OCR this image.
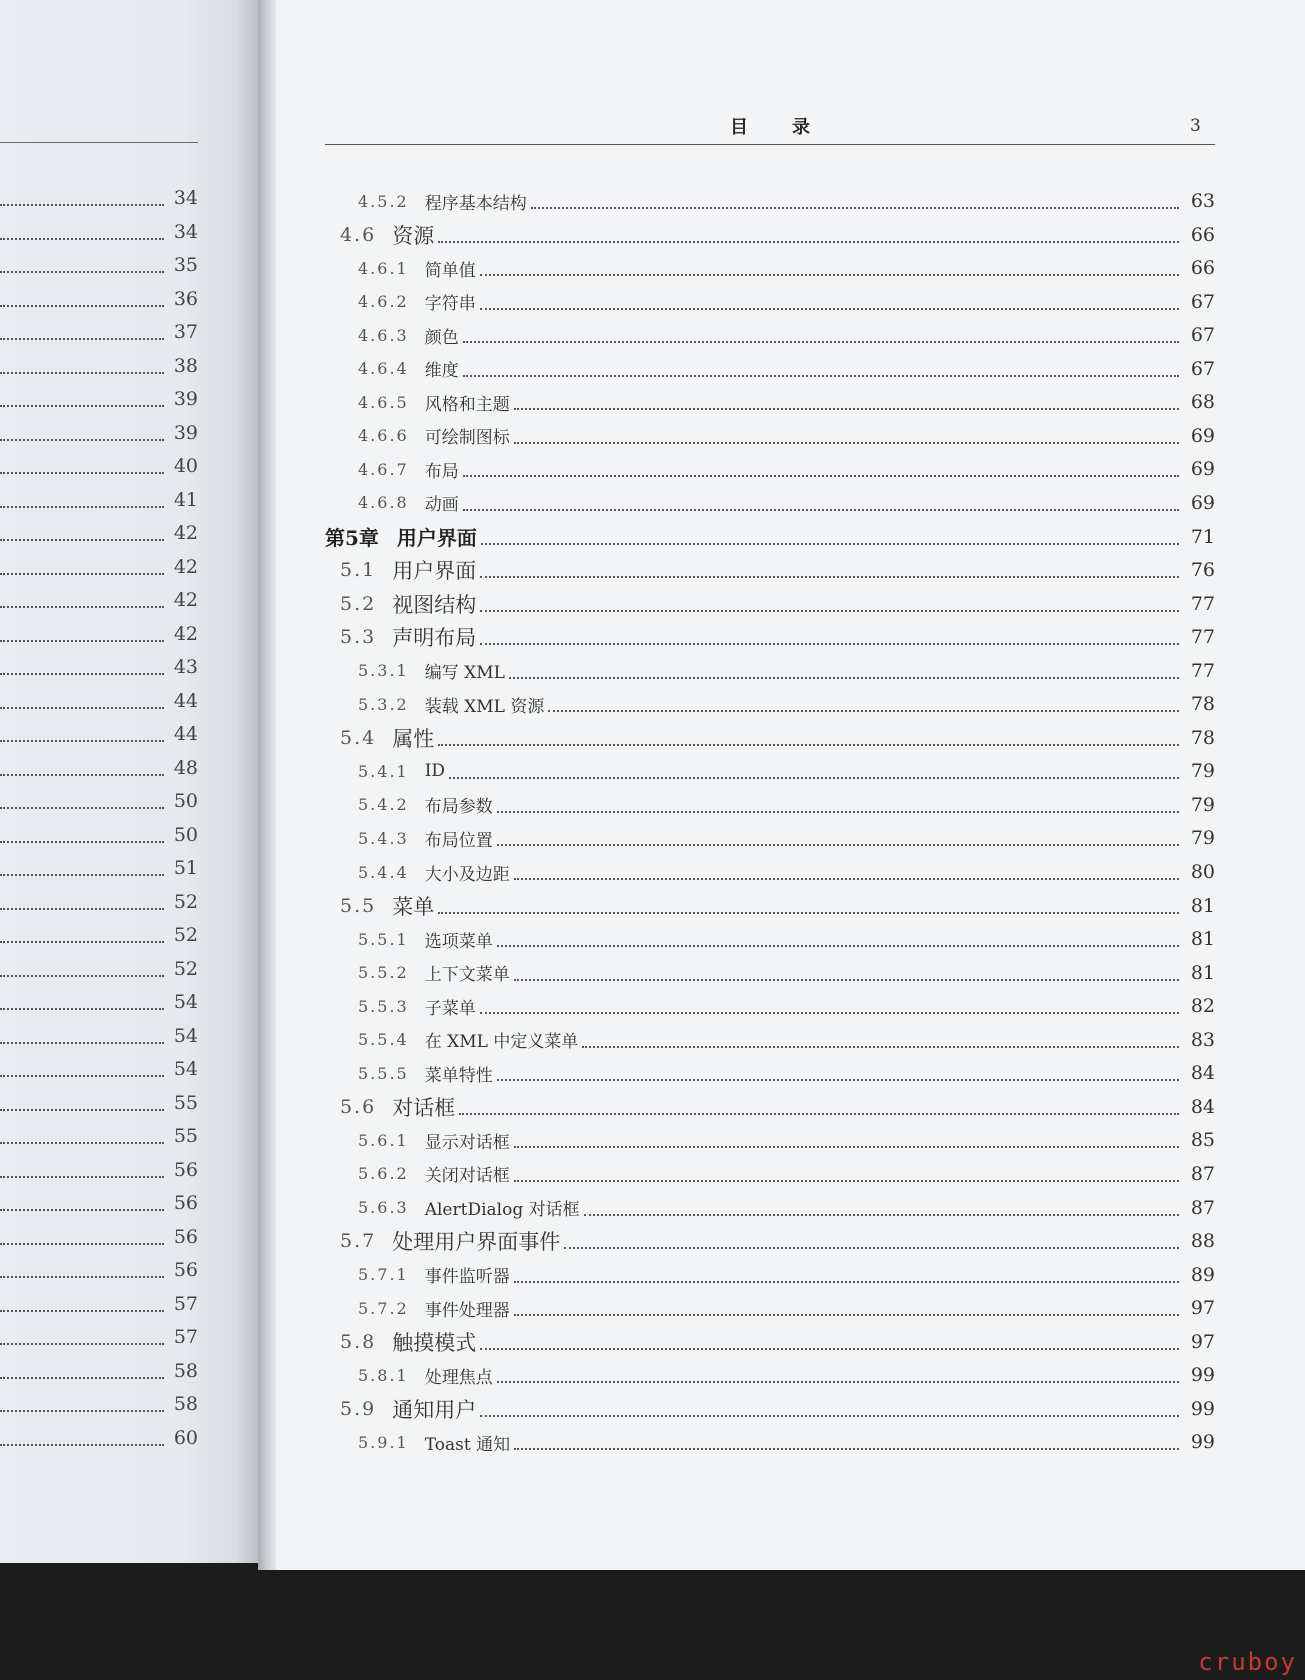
34
34
35
36
37
38
39
39
40
41
42
42
42
42
43
44
44
48
50
50
51
52
52
52
54
54
54
55
55
56
56
56
56
57
57
58
58
60
目录	3
4.5.2 程序基本结构	63
4.6 资源	66
4.6.1 简单值	66
4.6.2 字符串	67
4.6.3 颜色	67
4.6.4 维度	67
4.6.5 风格和主题	68
4.6.6 可绘制图标	69
4.6.7 布局	69
4.6.8 动画	69
第5章 用户界面	71
5.1 用户界面	76
5.2 视图结构	77
5.3 声明布局	77
5.3.1 编写 XML	77
5.3.2 装载 XML 资源	78
5.4 属性	78
5.4.1 ID	79
5.4.2 布局参数	79
5.4.3 布局位置	79
5.4.4 大小及边距	80
5.5 菜单	81
5.5.1 选项菜单	81
5.5.2 上下文菜单	81
5.5.3 子菜单	82
5.5.4 在 XML 中定义菜单	83
5.5.5 菜单特性	84
5.6 对话框	84
5.6.1 显示对话框	85
5.6.2 关闭对话框	87
5.6.3 AlertDialog 对话框	87
5.7 处理用户界面事件	88
5.7.1 事件监听器	89
5.7.2 事件处理器	97
5.8 触摸模式	97
5.8.1 处理焦点	99
5.9 通知用户	99
5.9.1 Toast 通知	99
cruboy
